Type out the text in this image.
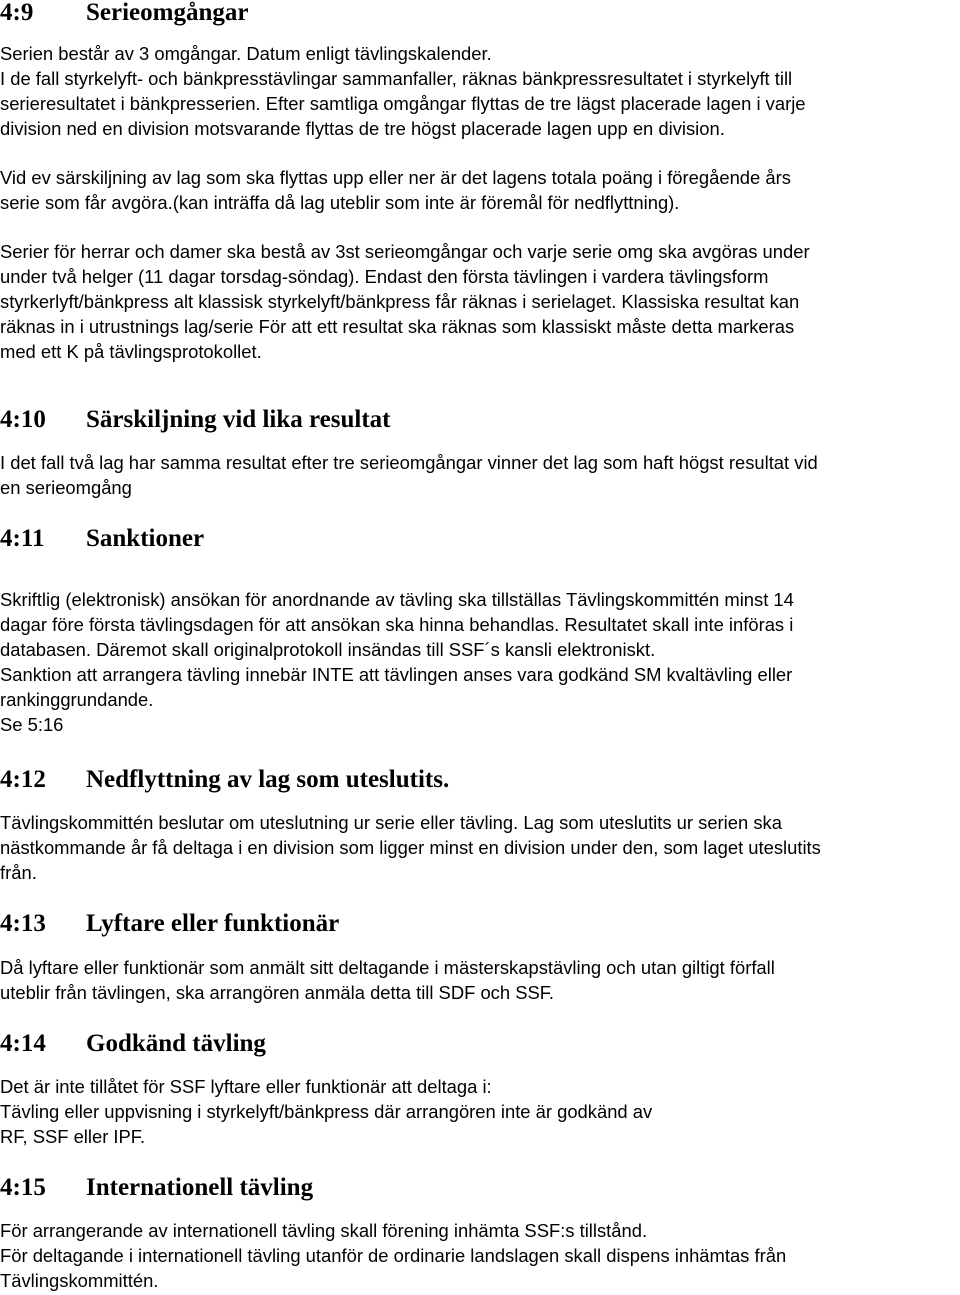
4:9 Serieomgångar
Serien består av 3 omgångar. Datum enligt tävlingskalender.
I de fall styrkelyft- och bänkpresstävlingar sammanfaller, räknas bänkpressresultatet i styrkelyft till
serieresultatet i bänkpresserien. Efter samtliga omgångar flyttas de tre lägst placerade lagen i varje
division ned en division motsvarande flyttas de tre högst placerade lagen upp en division.
Vid ev särskiljning av lag som ska flyttas upp eller ner är det lagens totala poäng i föregående års
serie som får avgöra.(kan inträffa då lag uteblir som inte är föremål för nedflyttning).
Serier för herrar och damer ska bestå av 3st serieomgångar och varje serie omg ska avgöras under
under två helger (11 dagar torsdag-söndag). Endast den första tävlingen i vardera tävlingsform
styrkerlyft/bänkpress alt klassisk styrkelyft/bänkpress får räknas i serielaget. Klassiska resultat kan
räknas in i utrustnings lag/serie För att ett resultat ska räknas som klassiskt måste detta markeras
med ett K på tävlingsprotokollet.
4:10 Särskiljning vid lika resultat
I det fall två lag har samma resultat efter tre serieomgångar vinner det lag som haft högst resultat vid
en serieomgång
4:11 Sanktioner
Skriftlig (elektronisk) ansökan för anordnande av tävling ska tillställas Tävlingskommittén minst 14
dagar före första tävlingsdagen för att ansökan ska hinna behandlas. Resultatet skall inte införas i
databasen. Däremot skall originalprotokoll insändas till SSF´s kansli elektroniskt.
Sanktion att arrangera tävling innebär INTE att tävlingen anses vara godkänd SM kvaltävling eller
rankinggrundande.
Se 5:16
4:12 Nedflyttning av lag som uteslutits.
Tävlingskommittén beslutar om uteslutning ur serie eller tävling. Lag som uteslutits ur serien ska
nästkommande år få deltaga i en division som ligger minst en division under den, som laget uteslutits
från.
4:13 Lyftare eller funktionär
Då lyftare eller funktionär som anmält sitt deltagande i mästerskapstävling och utan giltigt förfall
uteblir från tävlingen, ska arrangören anmäla detta till SDF och SSF.
4:14 Godkänd tävling
Det är inte tillåtet för SSF lyftare eller funktionär att deltaga i:
Tävling eller uppvisning i styrkelyft/bänkpress där arrangören inte är godkänd av
RF, SSF eller IPF.
4:15 Internationell tävling
För arrangerande av internationell tävling skall förening inhämta SSF:s tillstånd.
För deltagande i internationell tävling utanför de ordinarie landslagen skall dispens inhämtas från
Tävlingskommittén.
